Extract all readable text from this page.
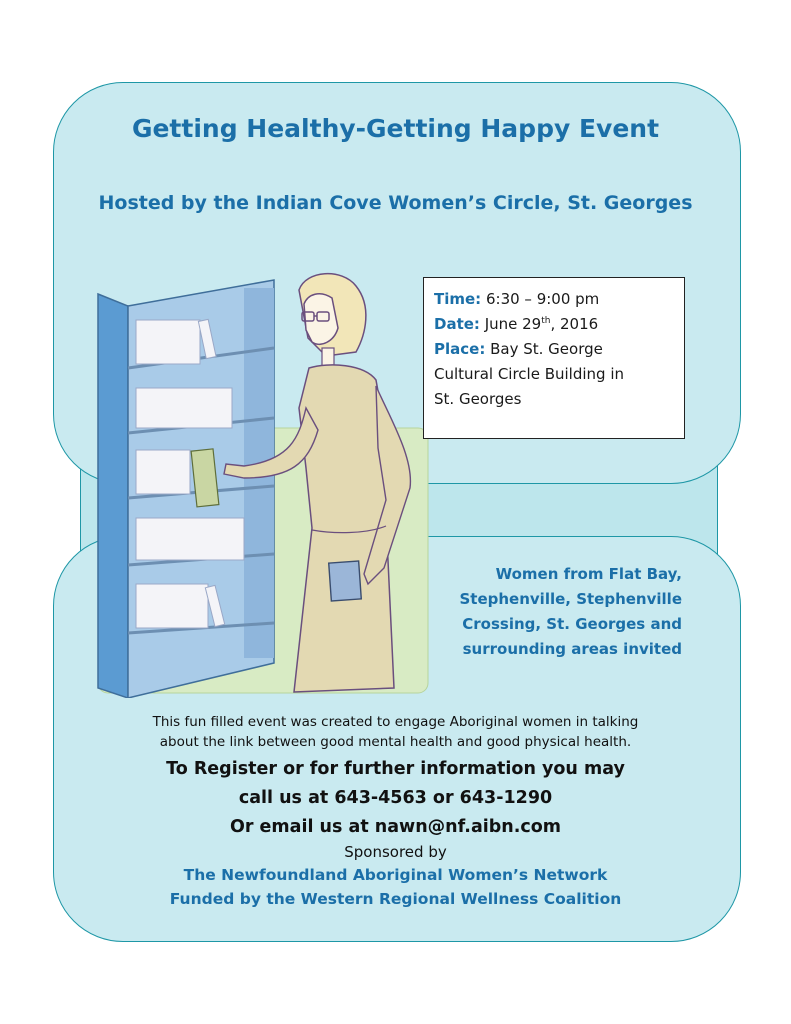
Getting Healthy-Getting Happy Event
Hosted by the Indian Cove Women’s Circle, St. Georges
Time: 6:30 – 9:00 pm
Date: June 29th, 2016
Place: Bay St. George
Cultural Circle Building in
St. Georges
Women from Flat Bay,
Stephenville, Stephenville
Crossing, St. Georges and
surrounding areas invited
This fun filled event was created to engage Aboriginal women in talking
about the link between good mental health and good physical health.
To Register or for further information you may
call us at 643-4563 or 643-1290
Or email us at nawn@nf.aibn.com
Sponsored by
The Newfoundland Aboriginal Women’s Network
Funded by the Western Regional Wellness Coalition
